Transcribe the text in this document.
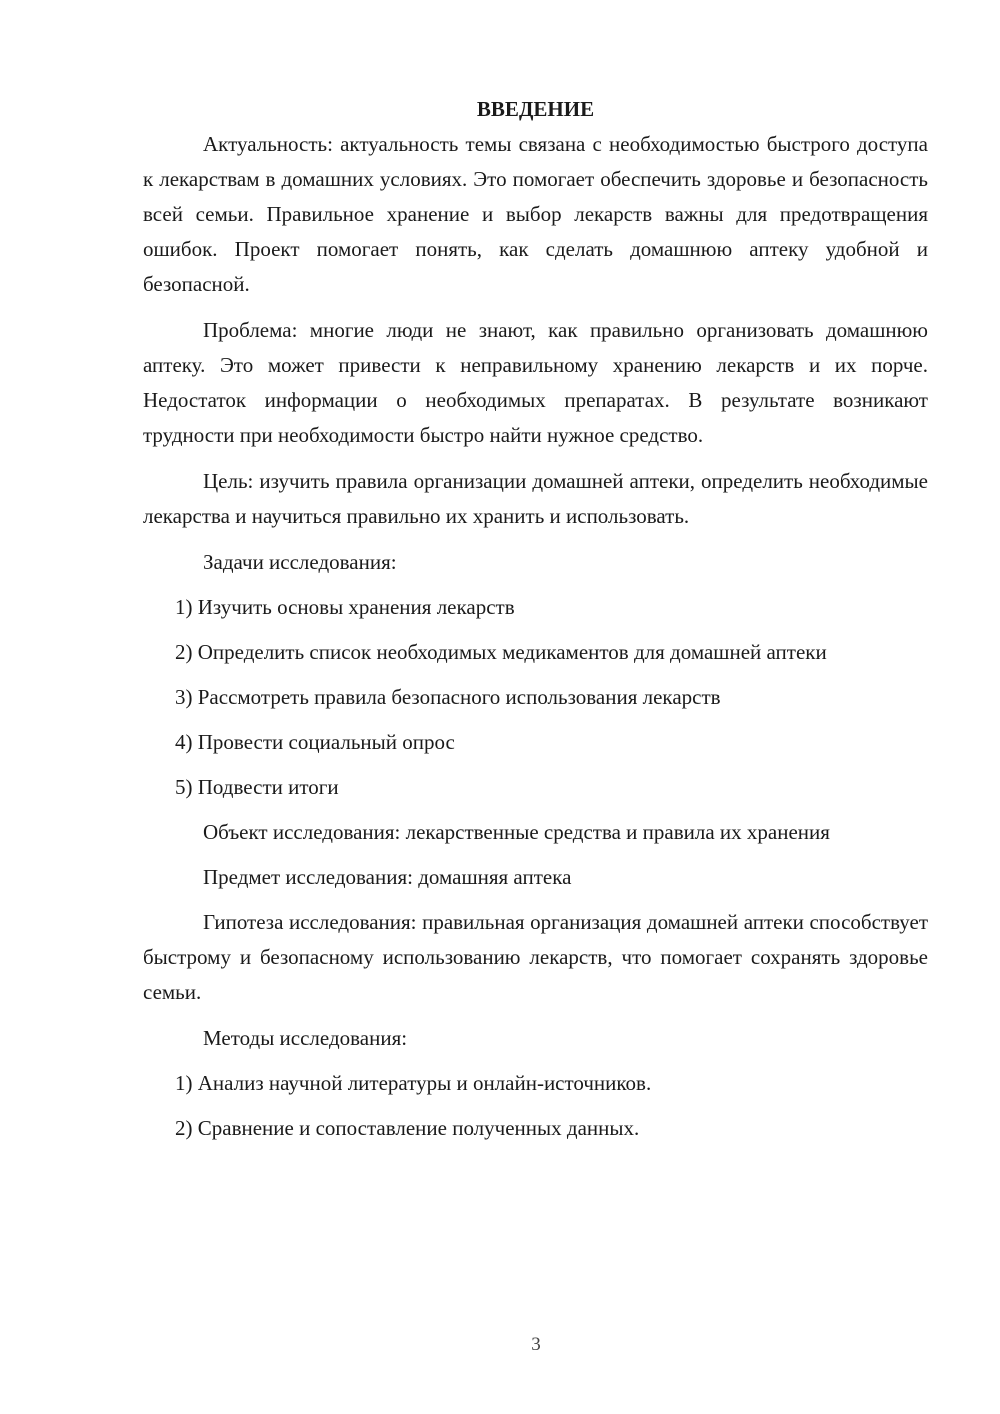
ВВЕДЕНИЕ

Актуальность: актуальность темы связана с необходимостью быстрого доступа к лекарствам в домашних условиях. Это помогает обеспечить здоровье и безопасность всей семьи. Правильное хранение и выбор лекарств важны для предотвращения ошибок. Проект помогает понять, как сделать домашнюю аптеку удобной и безопасной.

Проблема: многие люди не знают, как правильно организовать домашнюю аптеку. Это может привести к неправильному хранению лекарств и их порче. Недостаток информации о необходимых препаратах. В результате возникают трудности при необходимости быстро найти нужное средство.

Цель: изучить правила организации домашней аптеки, определить необходимые лекарства и научиться правильно их хранить и использовать.

Задачи исследования:

1) Изучить основы хранения лекарств

2) Определить список необходимых медикаментов для домашней аптеки

3) Рассмотреть правила безопасного использования лекарств

4) Провести социальный опрос

5) Подвести итоги

Объект исследования: лекарственные средства и правила их хранения

Предмет исследования: домашняя аптека

Гипотеза исследования: правильная организация домашней аптеки способствует быстрому и безопасному использованию лекарств, что помогает сохранять здоровье семьи.

Методы исследования:

1) Анализ научной литературы и онлайн-источников.

2) Сравнение и сопоставление полученных данных.

3
